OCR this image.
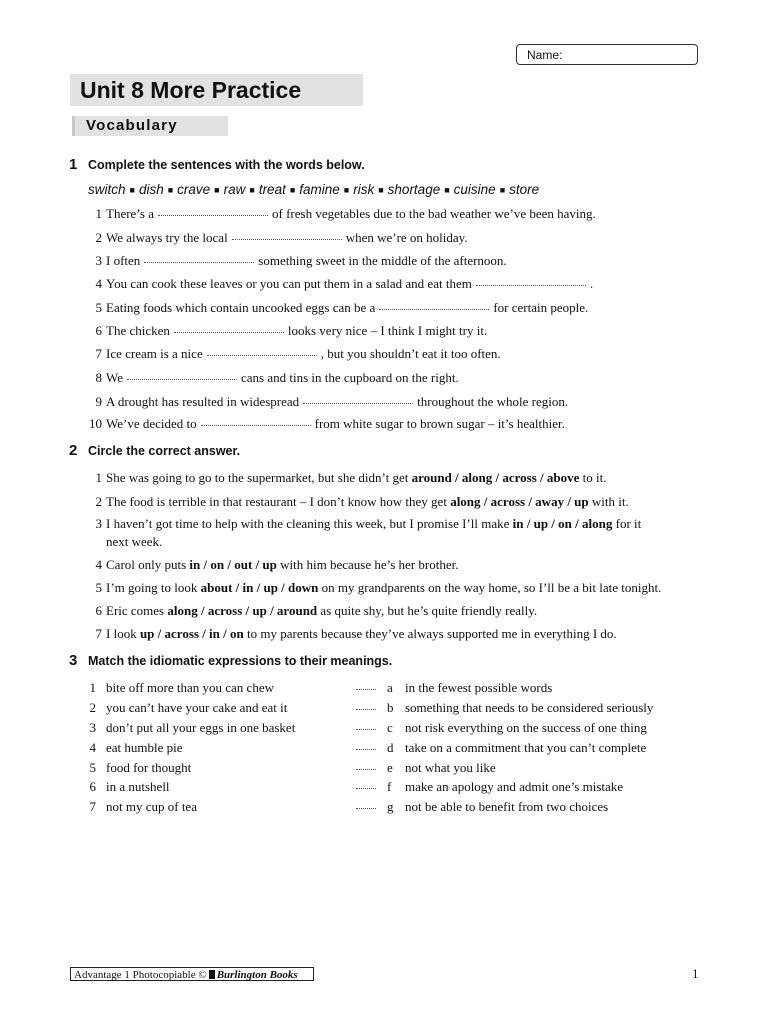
Name:
Unit 8 More Practice
Vocabulary
1 Complete the sentences with the words below.
switch ■ dish ■ crave ■ raw ■ treat ■ famine ■ risk ■ shortage ■ cuisine ■ store
1 There’s a	of fresh vegetables due to the bad weather we’ve been having.
2 We always try the local	when we’re on holiday.
3 I often	something sweet in the middle of the afternoon.
4 You can cook these leaves or you can put them in a salad and eat them	.
5 Eating foods which contain uncooked eggs can be a	for certain people.
6 The chicken	looks very nice – I think I might try it.
7 Ice cream is a nice	, but you shouldn’t eat it too often.
8 We	cans and tins in the cupboard on the right.
9 A drought has resulted in widespread	throughout the whole region.
10 We’ve decided to	from white sugar to brown sugar – it’s healthier.
2 Circle the correct answer.
1 She was going to go to the supermarket, but she didn’t get around / along / across / above to it.
2 The food is terrible in that restaurant – I don’t know how they get along / across / away / up with it.
3 I haven’t got time to help with the cleaning this week, but I promise I’ll make in / up / on / along for it
next week.
4 Carol only puts in / on / out / up with him because he’s her brother.
5 I’m going to look about / in / up / down on my grandparents on the way home, so I’ll be a bit late tonight.
6 Eric comes along / across / up / around as quite shy, but he’s quite friendly really.
7 I look up / across / in / on to my parents because they’ve always supported me in everything I do.
3 Match the idiomatic expressions to their meanings.
1 bite off more than you can chew	a in the fewest possible words
2 you can’t have your cake and eat it	b something that needs to be considered seriously
3 don’t put all your eggs in one basket	c not risk everything on the success of one thing
4 eat humble pie	d take on a commitment that you can’t complete
5 food for thought	e not what you like
6 in a nutshell	f make an apology and admit one’s mistake
7 not my cup of tea	g not be able to benefit from two choices
Advantage 1 Photocopiable © Burlington Books	1
